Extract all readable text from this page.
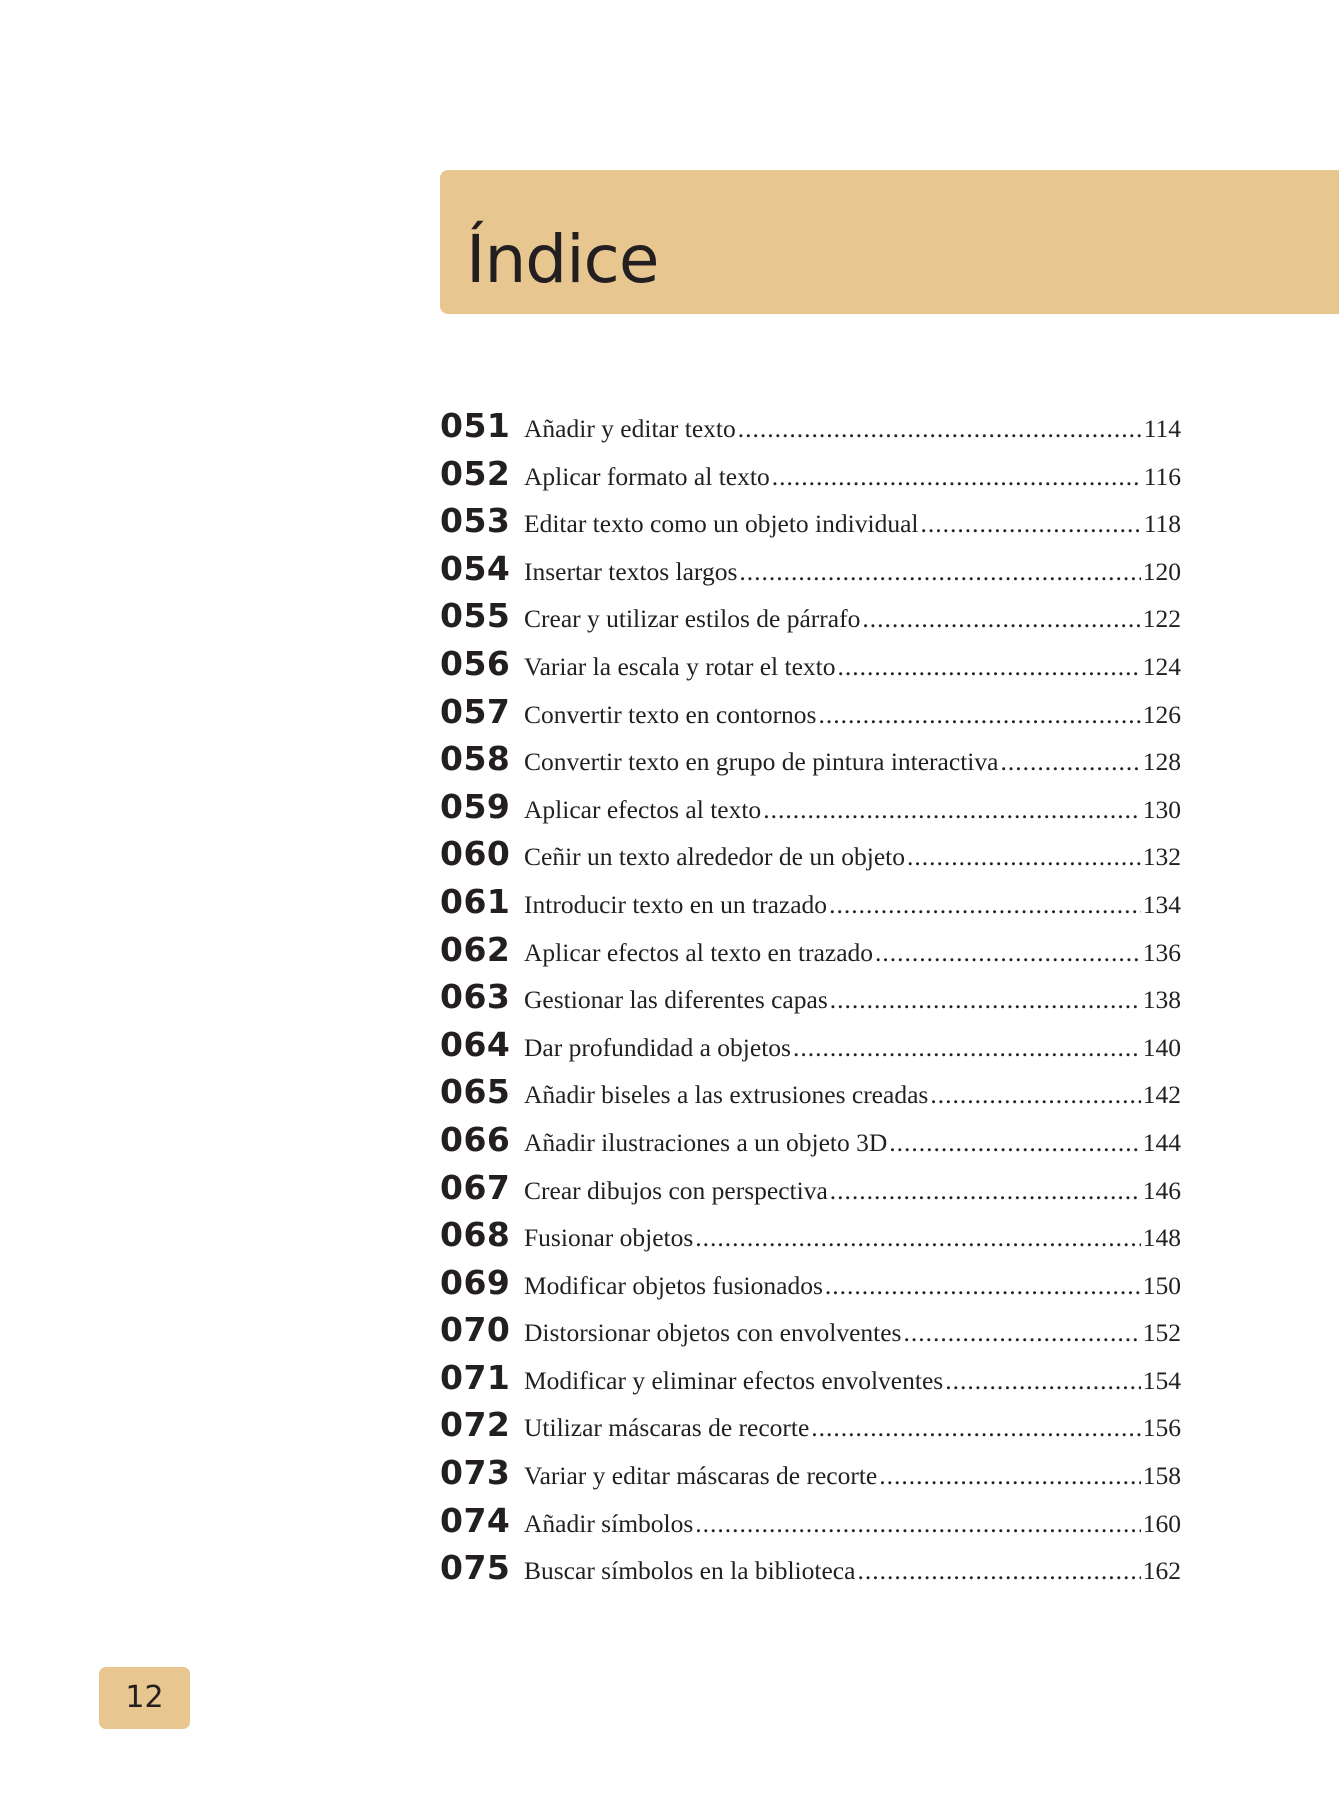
Índice
051 Añadir y editar texto .....	114
052 Aplicar formato al texto .....	116
053 Editar texto como un objeto individual .....	118
054 Insertar textos largos .....	120
055 Crear y utilizar estilos de párrafo .....	122
056 Variar la escala y rotar el texto .....	124
057 Convertir texto en contornos .....	126
058 Convertir texto en grupo de pintura interactiva .....	128
059 Aplicar efectos al texto .....	130
060 Ceñir un texto alrededor de un objeto .....	132
061 Introducir texto en un trazado .....	134
062 Aplicar efectos al texto en trazado .....	136
063 Gestionar las diferentes capas .....	138
064 Dar profundidad a objetos .....	140
065 Añadir biseles a las extrusiones creadas .....	142
066 Añadir ilustraciones a un objeto 3D .....	144
067 Crear dibujos con perspectiva .....	146
068 Fusionar objetos .....	148
069 Modificar objetos fusionados .....	150
070 Distorsionar objetos con envolventes .....	152
071 Modificar y eliminar efectos envolventes .....	154
072 Utilizar máscaras de recorte .....	156
073 Variar y editar máscaras de recorte .....	158
074 Añadir símbolos .....	160
075 Buscar símbolos en la biblioteca .....	162
12
